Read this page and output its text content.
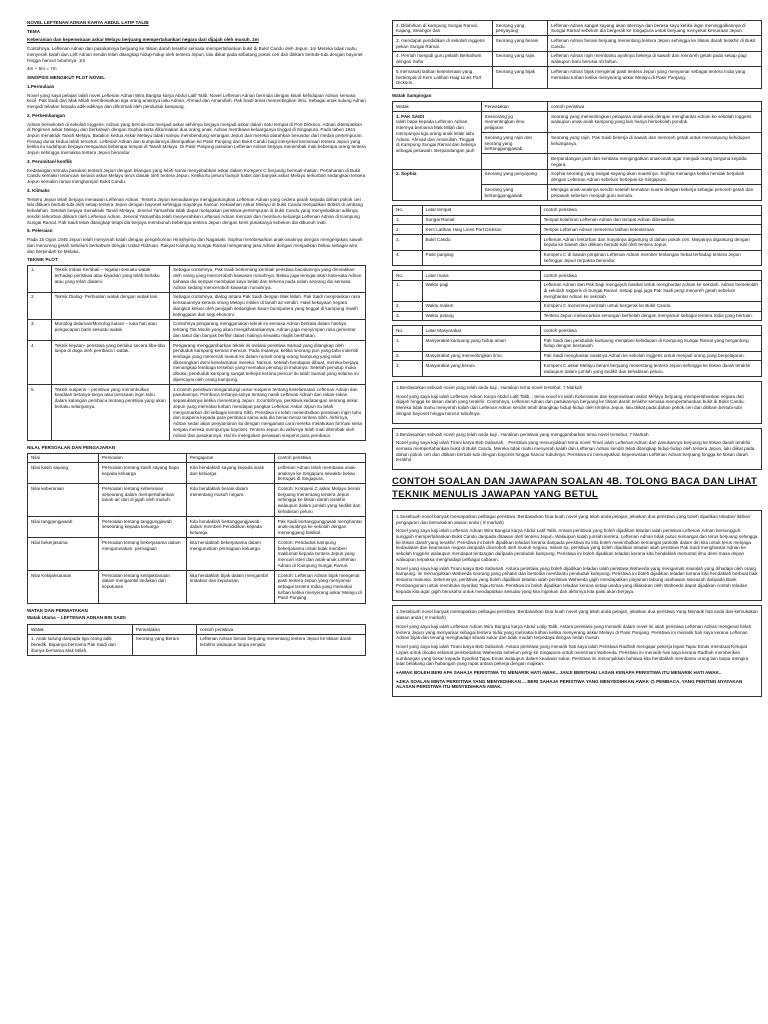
NOVEL LEFTENAN ADNAN KARYA ABDUL LATIP TALIB

TEMA

Keberanian dan kepenwiraan askar Melayu berjuang mempertahankan negara dari dijajah oleh musuh. 2m

Contohnya, Leftenan Adnan dan pasukannya berjuang ke titisan darah terakhir semasa mempertahankan bukit di Bukit Candu oleh Jepun. 1m Mereka tidak mahu menyerah kalah dan Left Adnan sendiri telah ditangkap hidup-hidup oleh tentera Jepun, lalu diikat pada sebatang pokok ceri dan ditikam bertubi-tubi dengan bayonet hingga hancur tubuhnya. 1m

4m + 5m = 7m

SINOPSIS MENGIKUT PLOT NOVEL

1.Permulaan

Novel yang saya pelajari ialah novel Leftenan Adnan Wira Bangsa karya Abdul Latif Talib. Novel Leftenan Adnan bermula dengan kisah kehidupan Adnan semasa kecil. Pak Saidi dan Mak Milah membesarkan tiga orang anaknya iaitu Adnan, Ahmad dan Amarullah. Pak Saidi amat mementingkan ilmu. Sebagai anak sulung Adnan menjadi teladan kepada adik-adiknya dan dihormati oleh penduduk kampung.

2. Perkembangan

Adnan bersekolah di sekolah Inggeris. Adnan yang bercita-cita menjadi askar akhirnya berjaya menjadi askar dalam satu tempat di Port Dickson. Adnan ditempatkan di Regimen askar Melayu dan berkahwin dengan Sophia serta dikurniakan dua orang anak. Adnan membawa keluarganya tinggal di Singapura. Pada tahun 1941 Jepun menakluk Tanah Melayu. Batalion kedua Askar Melayu tidak mampu membendung serangan Jepun dan mereka diarahkan berundur dari medan pertempuran. Perang dunia kedua telah tercetus. Leftenan Adnan dan kumpulannya ditempatkan ke Pasir Panjang dan Bukit Candu bagi menyekat kemaraan tentera Jepun yang ketika itu sudahpun berjaya menguasai beberapa tempat di Tanah Melayu. Di Pasir Panjang pasukan Leftenan Adnan berjaya menembak mati beberapa orang tentera Jepun sehingga memaksa tentera Jepun berundur.

3. Perumitan/ konflik

Kedatangan semula pasukan tentera Jepun dengan bilangan yang lebih ramai menyebabkan askar dalam Kompeni C berjuang bermati-matian. Pertahanan di Bukit Candu semakin terancam kerana askar Melayu terus diasak oleh tentera Jepun. Ketika itu peluru hampir habis dan banyak askar Melayu terkorban sedangkan tentera Jepun semakin ramai menghampiri Bukit Candu.

4. Klimaks

Tentera Jepun telah berjaya menawan Leftenan Adnan. Tentera Jepun kemudiannya menggantungkan Leftenan Adnan yang cedera parah kepada dahan pokok ceri lalu ditikam bertubi-tubi oleh setiap tentera Jepun dengan bayonet sehingga mayatnya hancur. Kekalahan Askar Melayu di bukit Candu menjadikan British di ambang kekalahan. Setelah berjaya menakluki Tanah Melayu, Jeneral Yamashita tidak dapat melupakan peristiwa pertempuran di bukit Candu yang menyebabkan adiknya sendiri terkorban ditikam oleh Leftenan Adnan. Jeneral Yamashita telah menyerahkan Leftenan Adnan mencari dan memburu keluarga Leftenan Adnan di Kampung Sungai Ramal. Pak Saidi telah ditangkap tetapi dia berjaya membunuh beberapa tentera Jepun dengan keris pusakanya sebelum dia dibunuh mati.

5. Peleraian

Pada 15 Ogos 1945 Jepun telah menyerah kalah dengan pengeboman Hiroshyima dan Nagasaki. Sophia membesarkan anak-anaknya dengan mengenjakan sawah dan menoreng getah sebelum berkahwin dengan Ustaz Ridzuan. Rakyat Kampung Sungai Ramal mengenang jasa Adnan dengan menjadikan beliau sebagai wira dan berpindah ke Melaka.

TEKNIK PLOT

1.	Teknik Imbas Kembali – Ingatan sesuatu watak terhadap peristiwa atau kejadian yang telah berlaku atau yang telah dialami.	Sebagai contohnya, Pak Saidi berkenang kembali peristiwa bacakannya yang dirosakkan oleh orang yang menceroboh kawasan rumahnya. Beliau juga teringat akan kata-kata Adnan bahawa dia sempat membalas kayu belati dan terkena pada salah seorang dia semasa Adnan sedang menceroboh kawasan rumahnya.
2.	Teknik Dialog- Perbualan watak dengan watak lain.	Sebagai contohnya, dialog antara Pak Saidi dengan Mak Milah. Pak Saidi menjelaskan rasa kerisauannya kerana orang Melayu miskin di tanah air sendiri. Hasil kekayaan negara diangkut keluar oleh penjajah sedangkan kaum bumiputera yang tinggal di kampung masih ketinggalan dari segi ekonomi.
3.	Monolog dalaman/Monolog luaran – kata hati atau pengucapan batin sesuatu watak.	Contohnya pengarang menggunakan teknik ini semasa Adnan berkata dalam hatinya tentang Tok Mudin yang akan mengkhatankannya. Adnan juga menyimpan rasa gementar dan takut dan banyak berfikir dalam hatinya sewaktu majlis berkhatan.
4.	Teknik kejutan- peristiwa yang berlaku secara tiba-tiba tanpa di duga oleh pembaca / watak.	Pengarang menggambarkan teknik ini melalui peristiwa Samad yang ditangkap oleh penduduk kampung kerana mencuri. Pada mulanya, ketika seorang pun yang tahu indentiti lembaga yang memecah masuk ke dalam rumah orang-orang kampung yang telah dikosongkan demi keselamatan mereka. Namun, setelah hendapan dibuat, mereka berjaya menangkap lembaga tersebut yang memakai penutup di mukanya. Setelah penutup muka dibuka, penduduk kampung sangat terkejut kerana pencuri itu ialah Samad yang selama ini dipercayai oleh orang kampung.
5.	Teknik suspens – peristiwa yang menimbulkan keadaan tertanya-tanya atau perasaan ingin tahu dalam kalangan pembaca tentang peristiwa yang akan berlaku selanjutnya.	1.Contoh peristiwa mengandungi unsur suspens tentang keselamatan Leftenan Adnan dan pasukannya. Pembaca tertanya-tanya tentang nasib Leftenan Adnan dan rakan-rakan sepasukannya ketika menentang Jepun. 2.contohnya, peristiwa kedatangan seorang askar Jepun yang memakai turban mendapat pangkat Leftenan Askar Jepun itu telah menyamarkan diri sebagai tentera Sikh. Peristiwa ini telah menimbulkan perasaan ingin tahu dan suspens kepada para pembaca sama ada dia benar-benar tentera Sikh. Akhirnya, Adnan sedar akan penyamaran itu dengan mengamati cara mereka melakukan formasi serta senjata mereka mempunyai bayonet. Tentera Jepun itu akhirnya telah mati ditembak oleh Adnan dan pasukannya. Hal ini melegakan perasaan suspens para pembaca.

NILAI, PERSOALAN DAN PENGAJARAN

Nilai	Persoalan	Pengajaran	contoh peristiwa
Nilai kasih sayang.	Persoalan tentang kasih sayang bapa kepada keluarga	Kita hendaklah sayang kepada anak dan keluarga	Leftenan Adnan telah membawa anak-anaknya ke Singapura sewaktu beliau bertugas di Singapura.
Nilai keberanian	Persoalan tentang keberanian seseorang dalam mempertahankan tanah air dari di jajah oleh musuh.	Kita hendaklah berani dalam menentang musuh negara	Contoh: Kompeni C askar Melayu berani berjuang menentang tentera Jepun sehingga ke titisan darah terakhir walaupun dalam jumlah yang sedikit dan kehabisan peluru
Nilai tanggungjawab	Persoalan tentang tanggungjawab seseorang kepada keluarga	Kita hendaklah bertanggungjawab dalam memberi Pendidikan kepada keluarga	Pak Saidi bertanggungjawab menghantar anak-anaknya ke sekolah dengan menunggang basikal.
Nilai bekerjasama	Persoalan tentang bekerjasama dalam mengurusakan. pernagaan	kita hendaklah bekerjasama dalam menguruskan pernagaan keluarga	Contoh: Penduduk kampung bekerjasama untuk tidak memberi maklumat kepada tentera Jepun yang mencari isteri dan anak-anak Leftenan Adnan di Kampung Sungai Ramal.
Nilai Kebijaksanaan	Persoalan tentang kebijaksanaan dalam mengambil tindakan dan keputusan	kita hendaklah bijak dalam mengambil tindakan dan keputusan	Contoh: Leftenan Adnan bijak mengenal pasti tentera Jepun yang menyamar sebagai tentera India yang memakai turban ketika menyerang askar Melayu di Pasir Panjang.

WATAK DAN PERWATAKAN

Watak Utama – LEFTENAN ADNAN BIN SAIDI

Watak	Perwatakan	contoh peristiwa
1. Anak sulung daripada tiga orang adik beradik. Bapanya bernama Pak Saidi dan ibunya bernama Mak Milah.	Seorang yang Berani	Leftenan Adnan berani berjuang menentang tentera Jepun ke titisan darah terakhir walaupun tanpa senjata.
2. Dilahirkan di kampung Sungai Ramal, Kajang, Selangor dan	Seorang yang penyayang	Leftenan Adnan sangat sayang akan isterinya dan berasa sayu ketika ingin meninggalkannya di Sungai Ramal sebelum dia bergerak ke Singapura untuk berjuang menyekat kemaraan Jepun.
3. mendapat pendidikan di sekolah Inggeris pekan Sungai Ramal.	Seorang yang berani	Leftenan Adnan berani berjuang menentang tentera Jepun sehingga ke titisan darah terakhir di Bukit Candu.
4. Pernah menjadi guru pelatih Berkahwin dengan Sofia	Seorang yang rajin.	Leftenan Adnan rajin membantu ayahnya bekerja di sawah dan menoreh getah pada setiap pagi walaupun baru berusia 10 tahun.
5.memasuki latihan ketenteraan yang bertempat di Kem Latihan Haig Lines Port Dickson.	Seorang yang bijak	Leftenan Adnan bijak mengenal pasti tentera Jepun yang menyamar sebagai tentera India yang memakai turban ketika menyerang askar Melayu di Pasir Panjang.

Watak Sampingan

Watak	Perwatakan	contoh peristiwa

1. PAK SAIDI
Ialah bapa kepada Leftenan Adnan. Isterinya bernama Mak Milah dan mempunyai tiga orang anak lelaki iaitu Adnan, Ahmad dan Amarullah. Tinggal di Kampung Sungai Ramal dan bekerja sebagai pesawah. Berpandangan jauh	Seseorang yg mementingkan ilmu pelajaran	Seorang yang mementingkan pelajaran anak-anak dengan menghantar Adnan ke sekolah Inggeris walaupun anak-anak kampung yang lain hanya bersekolah pondok.
	Seorang yang rajin dan seorang yang bertanggungjawab	Seorang yang rajin. Pak Saidi bekerja di sawah dan menoreh getah untuk menampung kehidupan keluarganya.
		Berpandangan jauh dan sentiasa mengingatkan anak-anak agar menjadi orang berguna kepada negara.

2. Sophia	Seorang yang penyayang	Sophia seorang yang sangat sayang akan suaminya. Sophia menangis ketika hendak berpisah dengan Leftenan Adnan sebelum berlepas ke Singapura.
	Seorang yang bertanggungjawab	Menjaga anak-anaknya sendiri setelah kematian suami dengan bekerja sebagai penoreh getah dan pesawah sebelum menjadi guru semula.
No.	Latar tempat	contoh peristiwa
1.	Sungai Ramal	Tempat kelahiran Leftenan Adnan dan tempat Adnan dibesarkan.
2.	Kem Latihan Haig Lines Port Dickson	Tempat Leftenan Adnan menerima latihan ketenteraan.
3.	Bukit Candu	Leftenan Adnan terkorban dan mayatnya digantung di dahan pokok ceri. Mayatnya digantung dengan kepala ke bawah dan ditikam bertubi-tubi oleh tentera Jepun.
4.	Pasir panjang	Kompeni C di bawah pimpinan Leftenan Adnan member tentangan hebat terhadap tentera Jepun sehingga Jepun terpaksa berundur.
No.	Latar masa	contoh peristiwa
1.	Waktu pagi	Leftenan Adnan dan Pak Sagi mengayuh basikal untuk menghantar Adnan ke sekolah. Adnan bersekolah di sekolah Inggeris di Sungai Ramal. Setiap pagi juga Pak Saidi pergi menoreh getah sebelum menghantar Adnan ke sekolah.
2.	Waktu malam	Kompeni C menerima perintah untuk bergerak ke Bukit Candu.
3.	Waktu petang	Tentera Jepun melancarkan serangan berhelah dengan menyamar sebagai tentera India yang bertuan.
No.	Latar Masyarakat	contoh peristiwa
1.	Masyarakat kampung yang hidup aman	Pak Saidi dan penduduk kampung menjalani kehidupan di Kampung Sungai Ramal yang bergantung hidup dengan bersawah.
2.	Masyarakat yang mementingkan ilmu.	Pak Saidi menghantar anaknya Adnan ke sekolah Inggeris untuk menjadi orang yang berpelajaran.
3.	Masyarakat yang berani.	Kompeni C askar Melayu berani berjuang menentang tentera Jepun sehingga ke titisan darah terakhir walaupun dalam jumlah yang sedikit dan kehabisan peluru.

1.Berdasarkan sebuah novel yang telah anda kaji , Huraikan tema novel tersebut. 7 Markah

Novel yang saya kaji ialah Leftenan Adnan Karya Abdul Latif Talib, , tema novel ini ialah Keberanian dan kepenwiraan askar Melayu berjuang mempertahankan negara dari dijajah hingga ke titisan darah yang terakhir. Contohnya, Leftenan Adnan dan pasukannya berjuang ke titisan darah terakhir semasa mempertahankan bukit di Bukit Candu. Mereka tidak mahu menyerah kalah dan Leftenan Adnan sendiri telah ditangkap hidup-hidup oleh tentera Jepun, lalu diikat pada dahan pokok ceri dan ditikam bertubi-tubi dengan bayonet hingga hancur tubuhnya.

2.Berdasarkan sebuah novel yang telah anda kaji , Huraikan peristiwa yang menggambarkan tema novel tersebut. 7 Markah

Novel yang saya kaji ialah Tirani karya Beb Sabariah, , Peristiwa yang menunjukkan tema novel Tirani ialah Leftenan Adnan dan pasukannya berjuang ke titisan darah terakhir semasa mempertahankan bukit di Bukit Candu. Mereka tidak mahu menyerah kalah dan Leftenan Adnan sendiri telah ditangkap hidup-hidup oleh tentera Jepun, lalu diikat pada dahan pokok ceri dan ditikam bertubi-tubi dengan bayonet hingga hancur tubuhnya. Peristiwa ini menunjukkan kepenwiraan Leftenan Adnan berjuang hingga ke titisan darah terakhir.

CONTOH SOALAN DAN JAWAPAN SOALAN 4B. TOLONG BACA DAN LIHAT TEKNIK MENULIS JAWAPAN YANG BETUL

1.Sesebuah novel banyak memaparkan pelbagai peristiwa. Berdasarkan Dua buah novel yang telah anda pelajari, jelaskan dua peristiwa yang boleh dijadikan teladan/ iktibar/ pengajaran dan kemukakan alasan anda ( 8 markah)

Novel yang saya kaji ialah Leftenan Adnan Wira Bangsa karya Abdul Latif Talib. Antara peristiwa yang boleh dijadikan teladan ialah peristiwa Leftenan Adnan bersungguh-sungguh mempertahankan Bukit Candu daripada ditawan oleh tentera Jepun. Walaupun kalah jumlah tentera, Leftenan Adnan tidak putus semangat dan terus berjuang sehingga ke titisan darah yang terakhir. Peristiwa ini boleh dijadikan teladan kerana daripada peristiwa itu kita boleh menimbulkan semangat patriotik dalam diri kita untuk terus menjaga kedaulatan dan keamanan negara daripada diceroboh oleh musuh negara. Selain itu, peristiwa yang boleh dijadikan teladan ialah peristiwa Pak Saidi menghantar Adnan ke sekolah Inggeris walaupun mendapat tentangan daripada penduduk kampung. Peristiwa ini boleh dijadikan teladan kerana kita hendaklah menuntut ilmu demi masa depan walaupun terpaksa menghadapi pelbagai cabaran.

Novel yang saya kaji ialah Tirani karya Beb Sabariah. Antara peristiwa yang boleh dijadikan teladan ialah peristiwa Waheeda yang mengamati masalah yang dihadapi oleh orang kampung. Ini menunjukkan Waheeda seorang yang prihatin dan bersedia membantu penduduk kampung. Peristiwa ini boleh dijadikan teladan kerana kita hendaklah berbuat baik sesama manusia. Seterusnya, peristiwa yang boleh dijadikan teladan ialah peristiwa Waheeda gigih mendapatkan pinjaman tabung usahawan siswazah daripada Bank Pembangunan untuk membuka Syarikat Tajau Emas. Peristiwa ini boleh dijadikan teladan kerana setiap usaha yang dilakukan oleh Waheeda dapat dijadikan contoh teladan kepada kita agar gigih berusaha untuk mendapatkan sesuatu yang kita inginkan dan akhirnya kita pasti akan berjaya.

1.Sesebuah novel banyak memaparkan pelbagai peristiwa. Berdasarkan Dua buah novel yang telah anda pelajari, jelaskan dua peristiwa Yang Menarik hati anda dan kemukakan alasan anda ( 8 markah)

Novel yang saya kaji ialah Leftenan Adnan Wira Bangsa karya Abdul Latip Talib. Antara peristiwa yang menarik dalam novel ini ialah peristiwa Leftenan Adnan mengenal helah tentera Jepun yang menyamar sebagai tentera India yang memakai turban ketika menyerang askar Melayu di Pasir Panjang. Peristiwa ini menarik hati saya kerana Leftenan Adnan bijak dan tenang menghadapi situasi sukar dan tidak mudah terpedaya dengan helah musuh.

Novel yang saya kaji ialah Tirani karya Beb Sabariah. Antara peristiwa yang menarik hati saya ialah Peristiwa Radhah mengajar pekerja lepas Tajau Emas membuat Ketupat Lepas untuk dicuba selamat pembedahan Waheeda sebelum pergi ke Singapura untuk menemani Waheeda. Peristiwa ini menarik hati saya kerana Radhah memberikan sumbangan yang besar kepada Syarikat Tajau Emas walaupun dalam keadaan sukar. Peristiwa ini menunjukkan bahawa kita hendaklah membantu orang lain tanpa mengira latar belakang dan hubungan yang rapat antara pekerja dengan majikan.

●AWAK BOLEH BERI APA SAHAJA PERISTIWA TG MENARIK HATI AWAK.. JANJI BERITAHU LASAN KENAPA PERISTIWA ITU MENARIK HATI AWAK..

●JIKA SOALAN MINTA PERISTIWA YANG MENYEDIHKAN ... BERI SAHAJA PERISTIWA YANG MENYEDIHKAN AWAK @ PEMBACA, YANG PENTING NYATAKAN ALASAN PERISTIWA ITU MENYEDIHKAN AWAK.
